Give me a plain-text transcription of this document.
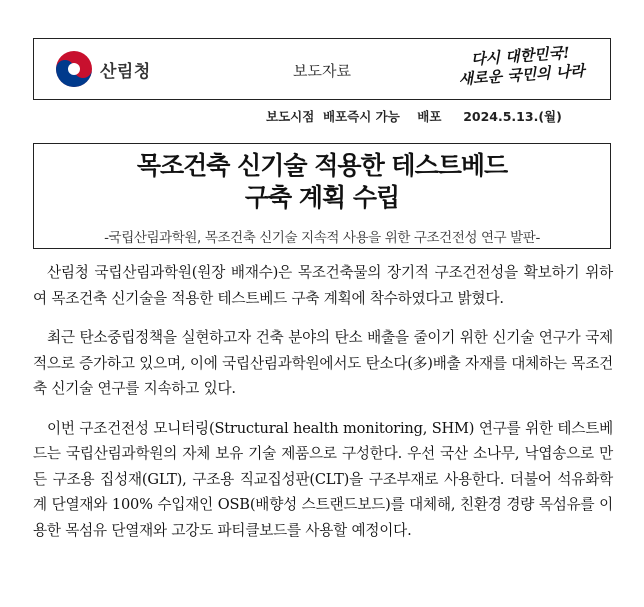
산림청	보도자료
다시 대한민국!
새로운 국민의 나라
보도시점 배포즉시 가능 배포 2024.5.13.(월)
목조건축 신기술 적용한 테스트베드
구축 계획 수립
-국립산림과학원, 목조건축 신기술 지속적 사용을 위한 구조건전성 연구 발판-

산림청 국립산림과학원(원장 배재수)은 목조건축물의 장기적 구조건전성을 확보하기 위하여 목조건축 신기술을 적용한 테스트베드 구축 계획에 착수하였다고 밝혔다.

최근 탄소중립정책을 실현하고자 건축 분야의 탄소 배출을 줄이기 위한 신기술 연구가 국제적으로 증가하고 있으며, 이에 국립산림과학원에서도 탄소다(多)배출 자재를 대체하는 목조건축 신기술 연구를 지속하고 있다.

이번 구조건전성 모니터링(Structural health monitoring, SHM) 연구를 위한 테스트베드는 국립산림과학원의 자체 보유 기술 제품으로 구성한다. 우선 국산 소나무, 낙엽송으로 만든 구조용 집성재(GLT), 구조용 직교집성판(CLT)을 구조부재로 사용한다. 더불어 석유화학계 단열재와 100% 수입재인 OSB(배향성 스트랜드보드)를 대체해, 친환경 경량 목섬유를 이용한 목섬유 단열재와 고강도 파티클보드를 사용할 예정이다.
